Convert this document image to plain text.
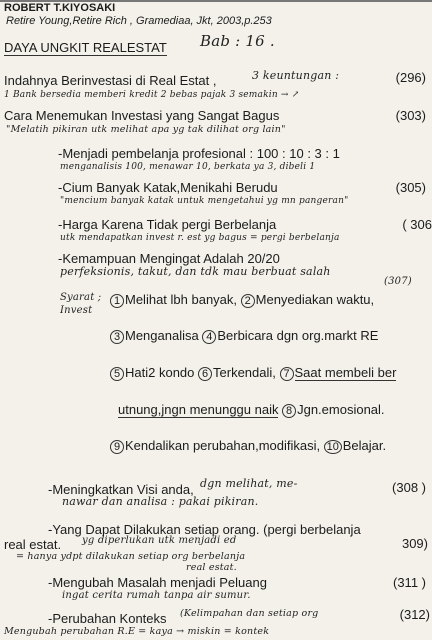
ROBERT T.KIYOSAKI
Retire Young,Retire Rich , Gramediaa, Jkt, 2003,p.253
DAYA UNGKIT REALESTAT Bab : 16 .
Indahnya Berinvestasi di Real Estat ,	3 keuntungan :	(296)
1 Bank bersedia memberi kredit 2 bebas pajak 3 semakin → ↗
Cara Menemukan Investasi yang Sangat Bagus	(303)
"Melatih pikiran utk melihat apa yg tak dilihat org lain"
-Menjadi pembelanja profesional : 100 : 10 : 3 : 1
menganalisis 100, menawar 10, berkata ya 3, dibeli 1
-Cium Banyak Katak,Menikahi Berudu	(305)
"mencium banyak katak untuk mengetahui yg mn pangeran"
-Harga Karena Tidak pergi Berbelanja	( 306
utk mendapatkan invest r. est yg bagus = pergi berbelanja
-Kemampuan Mengingat Adalah 20/20
perfeksionis, takut, dan tdk mau berbuat salah
(307)
Syarat ;
Invest
1 Melihat lbh banyak, 2 Menyediakan waktu,
3 Menganalisa 4 Berbicara dgn org.markt RE
5 Hati2 kondo 6 Terkendali, 7 Saat membeli ber
utnung,jngn menunggu naik 8 Jgn.emosional.
9 Kendalikan perubahan,modifikasi, 10 Belajar.
-Meningkatkan Visi anda, dgn melihat, me-	(308 )
nawar dan analisa : pakai pikiran.
-Yang Dapat Dilakukan setiap orang. (pergi berbelanja
real estat. yg diperlukan utk menjadi ed	309)
= hanya ydpt dilakukan setiap org berbelanja
real estat.
-Mengubah Masalah menjadi Peluang	(311 )
ingat cerita rumah tanpa air sumur.
-Perubahan Konteks (Kelimpahan dan setiap org	(312)
Mengubah perubahan R.E = kaya → miskin = kontek
